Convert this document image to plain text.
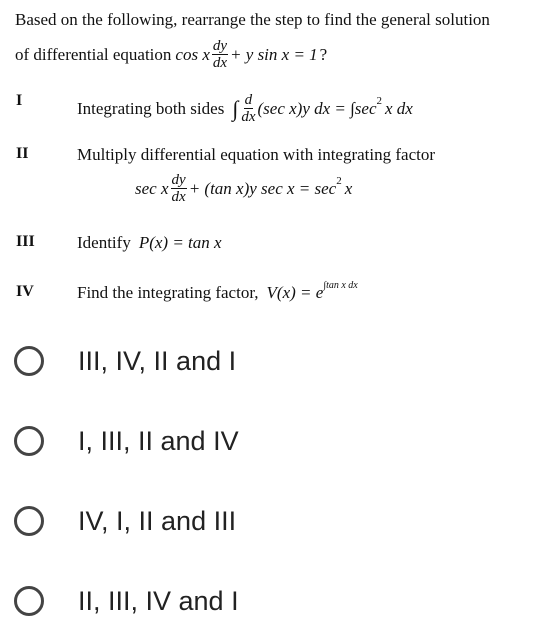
Based on the following, rearrange the step to find the general solution
of differential equation cos x $\frac{dy}{dx} + y$ sin x = 1 ?
I	Integrating both sides ∫ $\frac{d}{dx} (\sec$ x)y dx = ∫sec 2 x dx
II	Multiply differential equation with integrating factor
sec x $\frac{dy}{dx} + (\tan$ x)y sec x = sec 2 x
III Identify P(x) = tan x
IV	Find the integrating factor, V(x) = e ∫tan x dx
III, IV, II and I
I, III, II and IV
IV, I, II and III
II, III, IV and I
